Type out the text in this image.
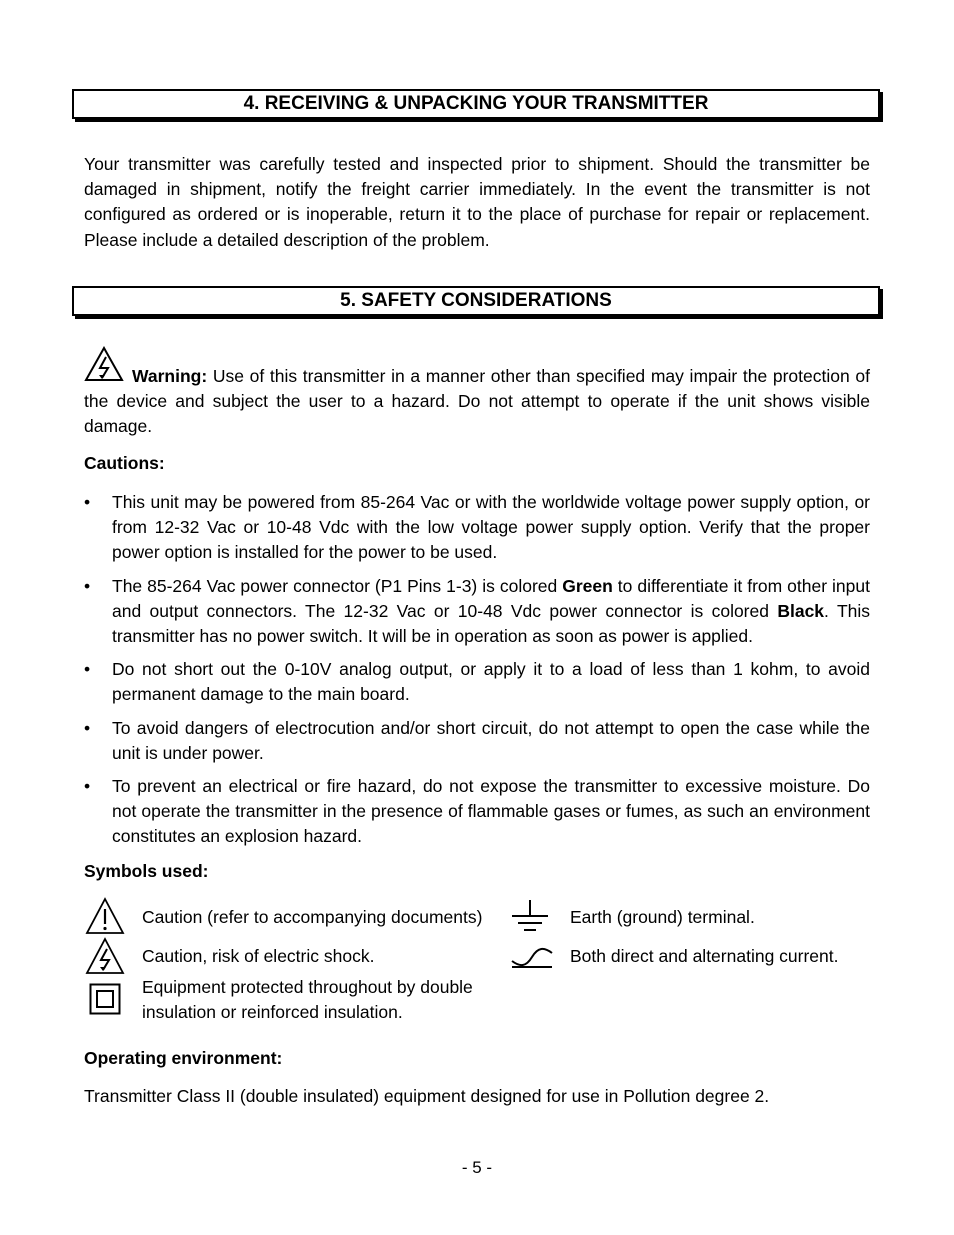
4. RECEIVING & UNPACKING YOUR TRANSMITTER

Your transmitter was carefully tested and inspected prior to shipment. Should the transmitter be damaged in shipment, notify the freight carrier immediately. In the event the transmitter is not configured as ordered or is inoperable, return it to the place of purchase for repair or replacement. Please include a detailed description of the problem.

5. SAFETY CONSIDERATIONS

Warning: Use of this transmitter in a manner other than specified may impair the protection of the device and subject the user to a hazard. Do not attempt to operate if the unit shows visible damage.

Cautions:
• This unit may be powered from 85-264 Vac or with the worldwide voltage power supply option, or from 12-32 Vac or 10-48 Vdc with the low voltage power supply option. Verify that the proper power option is installed for the power to be used.
• The 85-264 Vac power connector (P1 Pins 1-3) is colored Green to differentiate it from other input and output connectors. The 12-32 Vac or 10-48 Vdc power connector is colored Black. This transmitter has no power switch. It will be in operation as soon as power is applied.
• Do not short out the 0-10V analog output, or apply it to a load of less than 1 kohm, to avoid permanent damage to the main board.
• To avoid dangers of electrocution and/or short circuit, do not attempt to open the case while the unit is under power.
• To prevent an electrical or fire hazard, do not expose the transmitter to excessive moisture. Do not operate the transmitter in the presence of flammable gases or fumes, as such an environment constitutes an explosion hazard.
Symbols used:
Caution (refer to accompanying documents)
Caution, risk of electric shock.
Equipment protected throughout by double
insulation or reinforced insulation.
Earth (ground) terminal.
Both direct and alternating current.
Operating environment:
Transmitter Class II (double insulated) equipment designed for use in Pollution degree 2.
- 5 -
